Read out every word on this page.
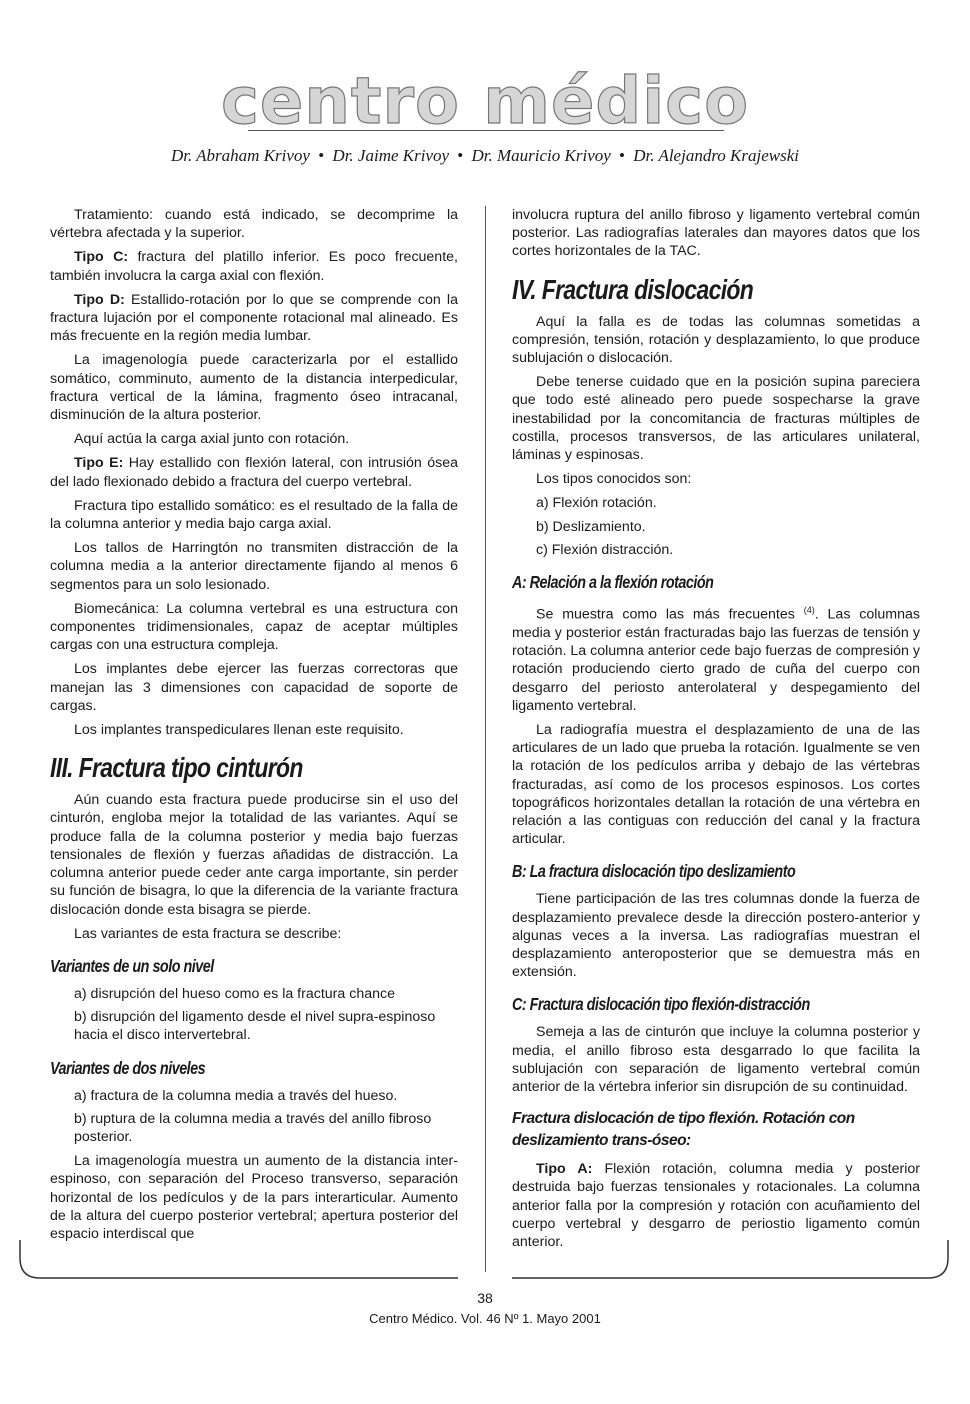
centro médico
Dr. Abraham Krivoy • Dr. Jaime Krivoy • Dr. Mauricio Krivoy • Dr. Alejandro Krajewski

Tratamiento: cuando está indicado, se decomprime la vértebra afectada y la superior.

Tipo C: fractura del platillo inferior. Es poco frecuente, también involucra la carga axial con flexión.

Tipo D: Estallido-rotación por lo que se comprende con la fractura lujación por el componente rotacional mal alineado. Es más frecuente en la región media lumbar.

La imagenología puede caracterizarla por el estallido somático, comminuto, aumento de la distancia interpedicular, fractura vertical de la lámina, fragmento óseo intracanal, disminución de la altura posterior.

Aquí actúa la carga axial junto con rotación.

Tipo E: Hay estallido con flexión lateral, con intrusión ósea del lado flexionado debido a fractura del cuerpo vertebral.

Fractura tipo estallido somático: es el resultado de la falla de la columna anterior y media bajo carga axial.

Los tallos de Harringtón no transmiten distracción de la columna media a la anterior directamente fijando al menos 6 segmentos para un solo lesionado.

Biomecánica: La columna vertebral es una estructura con componentes tridimensionales, capaz de aceptar múltiples cargas con una estructura compleja.

Los implantes debe ejercer las fuerzas correctoras que manejan las 3 dimensiones con capacidad de soporte de cargas.

Los implantes transpediculares llenan este requisito.

III. Fractura tipo cinturón

Aún cuando esta fractura puede producirse sin el uso del cinturón, engloba mejor la totalidad de las variantes. Aquí se produce falla de la columna posterior y media bajo fuerzas tensionales de flexión y fuerzas añadidas de distracción. La columna anterior puede ceder ante carga importante, sin perder su función de bisagra, lo que la diferencia de la variante fractura dislocación donde esta bisagra se pierde.

Las variantes de esta fractura se describe:

Variantes de un solo nivel
a) disrupción del hueso como es la fractura chance
b) disrupción del ligamento desde el nivel supra-espinoso hacia el disco intervertebral.
Variantes de dos niveles
a) fractura de la columna media a través del hueso.
b) ruptura de la columna media a través del anillo fibroso posterior.

La imagenología muestra un aumento de la distancia inter-espinoso, con separación del Proceso transverso, separación horizontal de los pedículos y de la pars interarticular. Aumento de la altura del cuerpo posterior vertebral; apertura posterior del espacio interdiscal que

involucra ruptura del anillo fibroso y ligamento vertebral común posterior. Las radiografías laterales dan mayores datos que los cortes horizontales de la TAC.

IV. Fractura dislocación

Aquí la falla es de todas las columnas sometidas a compresión, tensión, rotación y desplazamiento, lo que produce sublujación o dislocación.

Debe tenerse cuidado que en la posición supina pareciera que todo esté alineado pero puede sospecharse la grave inestabilidad por la concomitancia de fracturas múltiples de costilla, procesos transversos, de las articulares unilateral, láminas y espinosas.

Los tipos conocidos son:

a) Flexión rotación.
b) Deslizamiento.
c) Flexión distracción.
A: Relación a la flexión rotación

Se muestra como las más frecuentes $^{(4)}$. Las columnas media y posterior están fracturadas bajo las fuerzas de tensión y rotación. La columna anterior cede bajo fuerzas de compresión y rotación produciendo cierto grado de cuña del cuerpo con desgarro del periosto anterolateral y despegamiento del ligamento vertebral.

La radiografía muestra el desplazamiento de una de las articulares de un lado que prueba la rotación. Igualmente se ven la rotación de los pedículos arriba y debajo de las vértebras fracturadas, así como de los procesos espinosos. Los cortes topográficos horizontales detallan la rotación de una vértebra en relación a las contiguas con reducción del canal y la fractura articular.

B: La fractura dislocación tipo deslizamiento

Tiene participación de las tres columnas donde la fuerza de desplazamiento prevalece desde la dirección postero-anterior y algunas veces a la inversa. Las radiografías muestran el desplazamiento anteroposterior que se demuestra más en extensión.

C: Fractura dislocación tipo flexión-distracción

Semeja a las de cinturón que incluye la columna posterior y media, el anillo fibroso esta desgarrado lo que facilita la sublujación con separación de ligamento vertebral común anterior de la vértebra inferior sin disrupción de su continuidad.

Fractura dislocación de tipo flexión. Rotación con deslizamiento trans-óseo:

Tipo A: Flexión rotación, columna media y posterior destruida bajo fuerzas tensionales y rotacionales. La columna anterior falla por la compresión y rotación con acuñamiento del cuerpo vertebral y desgarro de periostio ligamento común anterior.

38
Centro Médico. Vol. 46 Nº 1. Mayo 2001
